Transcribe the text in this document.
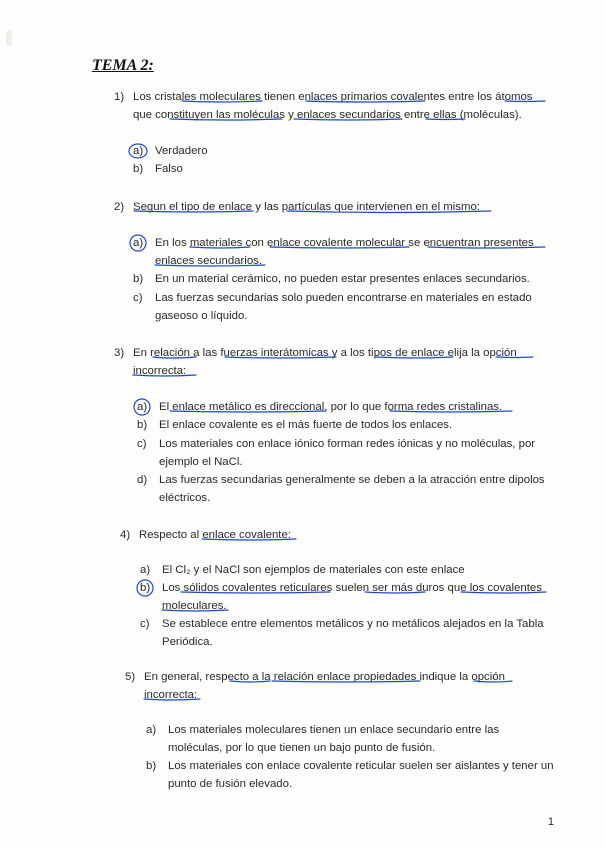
TEMA 2:
1) Los cristales moleculares tienen enlaces primarios covalentes entre los átomos
que constituyen las moléculas y enlaces secundarios entre ellas (moléculas).
a) Verdadero
b) Falso
2) Segun el tipo de enlace y las partículas que intervienen en el mismo:
a) En los materiales con enlace covalente molecular se encuentran presentes
enlaces secundarios.
b) En un material cerámico, no pueden estar presentes enlaces secundarios.
c) Las fuerzas secundarias solo pueden encontrarse en materiales en estado
gaseoso o líquido.
3) En relación a las fuerzas interátomicas y a los tipos de enlace elija la opción
incorrecta:
a) El enlace metálico es direccional, por lo que forma redes cristalinas.
b) El enlace covalente es el más fuerte de todos los enlaces.
c) Los materiales con enlace iónico forman redes iónicas y no moléculas, por
ejemplo el NaCl.
d) Las fuerzas secundarias generalmente se deben a la atracción entre dipolos
eléctricos.
4) Respecto al enlace covalente:
a) El Cl₂ y el NaCl son ejemplos de materiales con este enlace
b) Los sólidos covalentes reticulares suelen ser más duros que los covalentes
moleculares.
c) Se establece entre elementos metálicos y no metálicos alejados en la Tabla
Periódica.
5) En general, respecto a la relación enlace propiedades indique la opción
incorrecta:
a) Los materiales moleculares tienen un enlace secundario entre las
moléculas, por lo que tienen un bajo punto de fusión.
b) Los materiales con enlace covalente reticular suelen ser aislantes y tener un
punto de fusión elevado.
1
